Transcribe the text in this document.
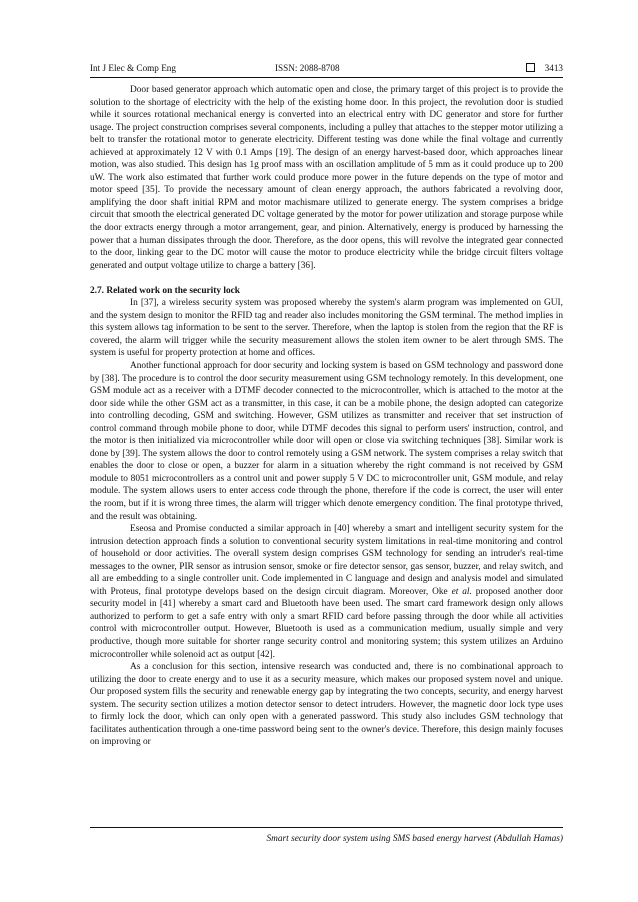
Int J Elec & Comp Eng	ISSN: 2088-8708	3413

Door based generator approach which automatic open and close, the primary target of this project is to provide the solution to the shortage of electricity with the help of the existing home door. In this project, the revolution door is studied while it sources rotational mechanical energy is converted into an electrical entry with DC generator and store for further usage. The project construction comprises several components, including a pulley that attaches to the stepper motor utilizing a belt to transfer the rotational motor to generate electricity. Different testing was done while the final voltage and currently achieved at approximately 12 V with 0.1 Amps [19]. The design of an energy harvest-based door, which approaches linear motion, was also studied. This design has 1g proof mass with an oscillation amplitude of 5 mm as it could produce up to 200 uW. The work also estimated that further work could produce more power in the future depends on the type of motor and motor speed [35]. To provide the necessary amount of clean energy approach, the authors fabricated a revolving door, amplifying the door shaft initial RPM and motor machismare utilized to generate energy. The system comprises a bridge circuit that smooth the electrical generated DC voltage generated by the motor for power utilization and storage purpose while the door extracts energy through a motor arrangement, gear, and pinion. Alternatively, energy is produced by harnessing the power that a human dissipates through the door. Therefore, as the door opens, this will revolve the integrated gear connected to the door, linking gear to the DC motor will cause the motor to produce electricity while the bridge circuit filters voltage generated and output voltage utilize to charge a battery [36].

2.7. Related work on the security lock

In [37], a wireless security system was proposed whereby the system's alarm program was implemented on GUI, and the system design to monitor the RFID tag and reader also includes monitoring the GSM terminal. The method implies in this system allows tag information to be sent to the server. Therefore, when the laptop is stolen from the region that the RF is covered, the alarm will trigger while the security measurement allows the stolen item owner to be alert through SMS. The system is useful for property protection at home and offices.

Another functional approach for door security and locking system is based on GSM technology and password done by [38]. The procedure is to control the door security measurement using GSM technology remotely. In this development, one GSM module act as a receiver with a DTMF decoder connected to the microcontroller, which is attached to the motor at the door side while the other GSM act as a transmitter, in this case, it can be a mobile phone, the design adopted can categorize into controlling decoding, GSM and switching. However, GSM utilizes as transmitter and receiver that set instruction of control command through mobile phone to door, while DTMF decodes this signal to perform users' instruction, control, and the motor is then initialized via microcontroller while door will open or close via switching techniques [38]. Similar work is done by [39]. The system allows the door to control remotely using a GSM network. The system comprises a relay switch that enables the door to close or open, a buzzer for alarm in a situation whereby the right command is not received by GSM module to 8051 microcontrollers as a control unit and power supply 5 V DC to microcontroller unit, GSM module, and relay module. The system allows users to enter access code through the phone, therefore if the code is correct, the user will enter the room, but if it is wrong three times, the alarm will trigger which denote emergency condition. The final prototype thrived, and the result was obtaining.

Eseosa and Promise conducted a similar approach in [40] whereby a smart and intelligent security system for the intrusion detection approach finds a solution to conventional security system limitations in real-time monitoring and control of household or door activities. The overall system design comprises GSM technology for sending an intruder's real-time messages to the owner, PIR sensor as intrusion sensor, smoke or fire detector sensor, gas sensor, buzzer, and relay switch, and all are embedding to a single controller unit. Code implemented in C language and design and analysis model and simulated with Proteus, final prototype develops based on the design circuit diagram. Moreover, Oke et al. proposed another door security model in [41] whereby a smart card and Bluetooth have been used. The smart card framework design only allows authorized to perform to get a safe entry with only a smart RFID card before passing through the door while all activities control with microcontroller output. However, Bluetooth is used as a communication medium, usually simple and very productive, though more suitable for shorter range security control and monitoring system; this system utilizes an Arduino microcontroller while solenoid act as output [42].

As a conclusion for this section, intensive research was conducted and, there is no combinational approach to utilizing the door to create energy and to use it as a security measure, which makes our proposed system novel and unique. Our proposed system fills the security and renewable energy gap by integrating the two concepts, security, and energy harvest system. The security section utilizes a motion detector sensor to detect intruders. However, the magnetic door lock type uses to firmly lock the door, which can only open with a generated password. This study also includes GSM technology that facilitates authentication through a one-time password being sent to the owner's device. Therefore, this design mainly focuses on improving or

Smart security door system using SMS based energy harvest (Abdullah Hamas)
